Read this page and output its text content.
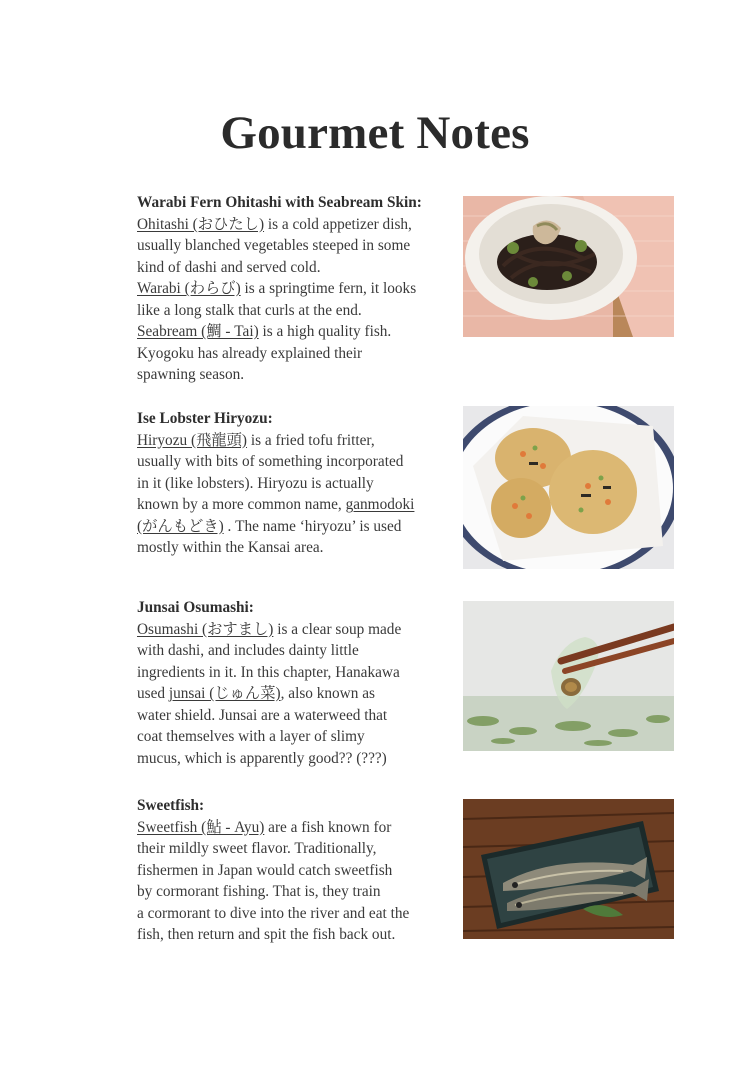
Gourmet Notes
Warabi Fern Ohitashi with Seabream Skin:
Ohitashi (おひたし) is a cold appetizer dish,
usually blanched vegetables steeped in some
kind of dashi and served cold.
Warabi (わらび) is a springtime fern, it looks
like a long stalk that curls at the end.
Seabream (鯛 - Tai) is a high quality fish.
Kyogoku has already explained their
spawning season.
Ise Lobster Hiryozu:
Hiryozu (飛龍頭) is a fried tofu fritter,
usually with bits of something incorporated
in it (like lobsters). Hiryozu is actually
known by a more common name, ganmodoki
(がんもどき) . The name ‘hiryozu’ is used
mostly within the Kansai area.
Junsai Osumashi:
Osumashi (おすまし) is a clear soup made
with dashi, and includes dainty little
ingredients in it. In this chapter, Hanakawa
used junsai (じゅん菜), also known as
water shield. Junsai are a waterweed that
coat themselves with a layer of slimy
mucus, which is apparently good?? (???)
Sweetfish:
Sweetfish (鮎 - Ayu) are a fish known for
their mildly sweet flavor. Traditionally,
fishermen in Japan would catch sweetfish
by cormorant fishing. That is, they train
a cormorant to dive into the river and eat the
fish, then return and spit the fish back out.
